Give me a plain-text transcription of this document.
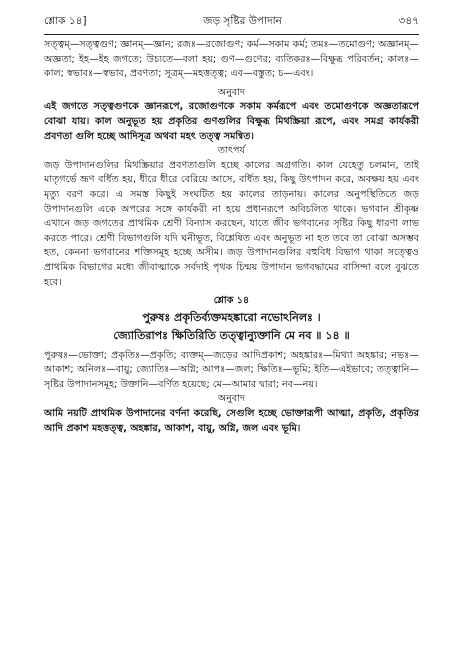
শ্লোক ১৪]	জড় সৃষ্টির উপাদান	৩৪৭

সত্ত্বম্—সত্ত্বগুণ; জ্ঞানম্—জ্ঞান; রজঃ—রজোগুণ; কর্ম—সকাম কর্ম; তমঃ—তমোগুণ; অজ্ঞানম্—অজ্ঞতা; ইহ—ইহ জগতে; উচ্যতে—বলা হয়; গুণ—গুণের; ব্যতিকরঃ—বিক্ষুব্ধ পরিবর্তন; কালঃ—কাল; স্বভাবঃ—স্বভাব, প্রবণতা; সূত্রম্—মহত্তত্ত্ব; এব—বস্তুত; চ—এবং।

অনুবাদ

এই জগতে সত্ত্বগুণকে জ্ঞানরূপে, রজোগুণকে সকাম কর্মরূপে এবং তমোগুণকে অজ্ঞতারূপে বোঝা যায়। কাল অনুভূত হয় প্রকৃতির গুণগুলির বিক্ষুব্ধ মিথস্ক্রিয়া রূপে, এবং সমগ্র কার্যকরী প্রবণতা গুলি হচ্ছে আদিসূত্র অথবা মহৎ তত্ত্ব সমন্বিত।

তাৎপর্য

জড় উপাদানগুলির মিথস্ক্রিয়ার প্রবণতাগুলি হচ্ছে কালের অগ্রগতি। কাল যেহেতু চলমান, তাই মাতৃগর্ভে ভ্রূণ বর্ধিত হয়, ধীরে ধীরে বেরিয়ে আসে, বর্ধিত হয়, কিছু উৎপাদন করে, অবক্ষয় হয় এবং মৃত্যু বরণ করে। এ সমস্ত কিছুই সংঘটিত হয় কালের তাড়নায়। কালের অনুপস্থিতিতে জড় উপাদানগুলি একে অপরের সঙ্গে কার্যকরী না হয়ে প্রধানরূপে অবিচলিত থাকে। ভগবান শ্রীকৃষ্ণ এখানে জড় জগতের প্রাথমিক শ্রেণী বিন্যাস করছেন, যাতে জীব ভগবানের সৃষ্টির কিছু ধারণা লাভ করতে পারে। শ্রেণী বিভাগগুলি যদি ঘনীভূত, বিশ্লেষিত এবং অনুভূত না হত তবে তা বোঝা অসম্ভব হত, কেননা ভগবানের শক্তিসমূহ হচ্ছে অসীম। জড় উপাদানগুলির বহুবিধ বিভাগ থাকা সত্ত্বেও প্রাথমিক বিভাগের মধ্যে জীবাত্মাকে সর্বদাই পৃথক চিন্ময় উপাদান ভগবদ্ধামের বাসিন্দা বলে বুঝতে হবে।

শ্লোক ১৪
পুরুষঃ প্রকৃতির্ব্যক্তমহঙ্কারো নভোঽনিলঃ ।
জ্যোতিরাপঃ ক্ষিতিরিতি তত্ত্বান্যুক্তানি মে নব ॥ ১৪ ॥

পুরুষঃ—ভোক্তা; প্রকৃতিঃ—প্রকৃতি; ব্যক্তম্—জড়ের আদিপ্রকাশ; অহঙ্কারঃ—মিথ্যা অহঙ্কার; নভঃ—আকাশ; অনিলঃ—বায়ু; জ্যোতিঃ—অগ্নি; আপঃ—জল; ক্ষিতিঃ—ভূমি; ইতি—এইভাবে; তত্ত্বানি—সৃষ্টির উপাদানসমূহ; উক্তানি—বর্ণিত হয়েছে; মে—আমার দ্বারা; নব—নয়।

অনুবাদ

আমি নয়টি প্রাথমিক উপাদানের বর্ণনা করেছি, সেগুলি হচ্ছে ভোক্তারূপী আত্মা, প্রকৃতি, প্রকৃতির আদি প্রকাশ মহত্তত্ত্ব, অহঙ্কার, আকাশ, বায়ু, অগ্নি, জল এবং ভূমি।
